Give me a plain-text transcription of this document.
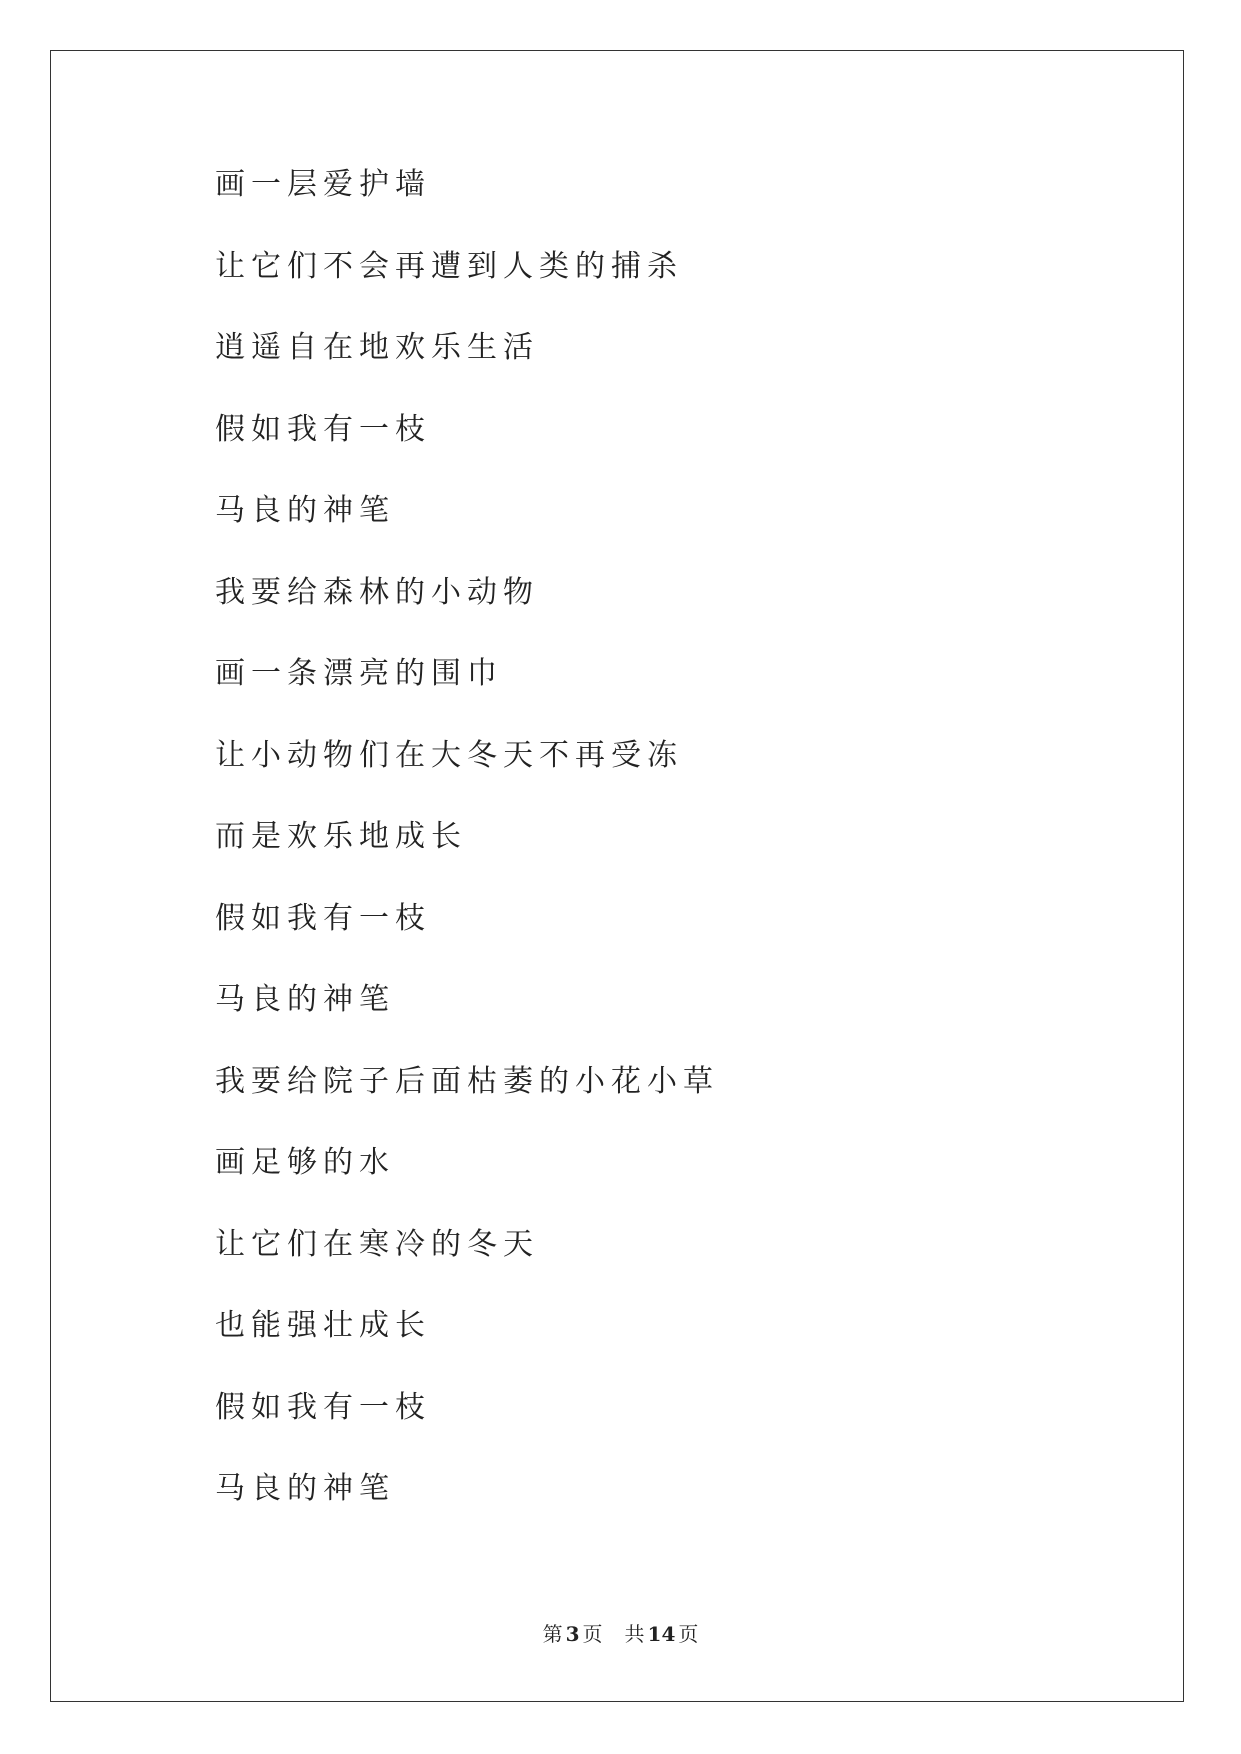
画一层爱护墙
让它们不会再遭到人类的捕杀
逍遥自在地欢乐生活
假如我有一枝
马良的神笔
我要给森林的小动物
画一条漂亮的围巾
让小动物们在大冬天不再受冻
而是欢乐地成长
假如我有一枝
马良的神笔
我要给院子后面枯萎的小花小草
画足够的水
让它们在寒冷的冬天
也能强壮成长
假如我有一枝
马良的神笔
第 3 页 共 14 页
